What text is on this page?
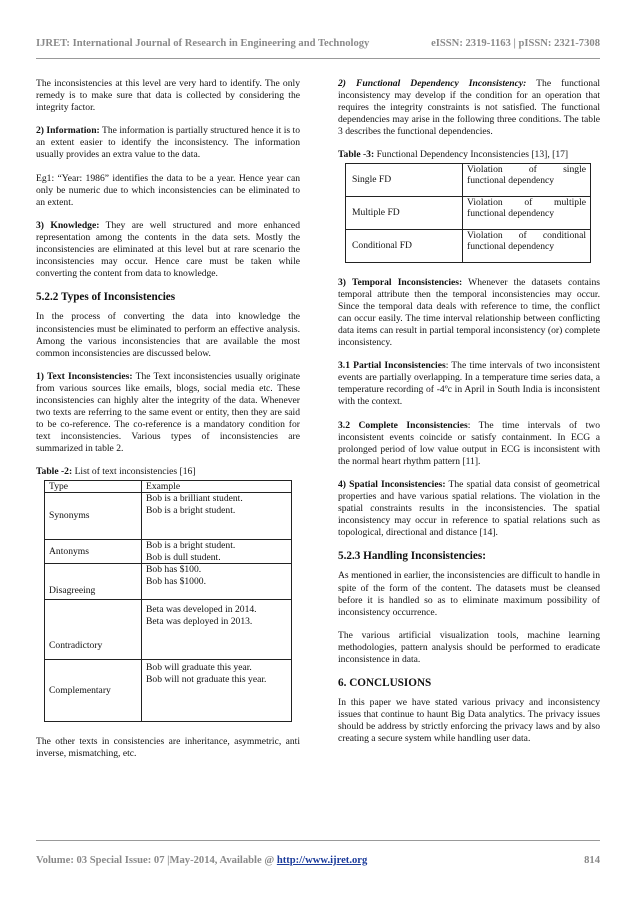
IJRET: International Journal of Research in Engineering and Technology	eISSN: 2319-1163 | pISSN: 2321-7308

The inconsistencies at this level are very hard to identify. The only remedy is to make sure that data is collected by considering the integrity factor.

2) Information: The information is partially structured hence it is to an extent easier to identify the inconsistency. The information usually provides an extra value to the data.

Eg1: “Year: 1986” identifies the data to be a year. Hence year can only be numeric due to which inconsistencies can be eliminated to an extent.

3) Knowledge: They are well structured and more enhanced representation among the contents in the data sets. Mostly the inconsistencies are eliminated at this level but at rare scenario the inconsistencies may occur. Hence care must be taken while converting the content from data to knowledge.

5.2.2 Types of Inconsistencies

In the process of converting the data into knowledge the inconsistencies must be eliminated to perform an effective analysis. Among the various inconsistencies that are available the most common inconsistencies are discussed below.

1) Text Inconsistencies: The Text inconsistencies usually originate from various sources like emails, blogs, social media etc. These inconsistencies can highly alter the integrity of the data. Whenever two texts are referring to the same event or entity, then they are said to be co-reference. The co-reference is a mandatory condition for text inconsistencies. Various types of inconsistencies are summarized in table 2.

Table -2: List of text inconsistencies [16]
Type	Example
Synonyms	Bob is a brilliant student.
Bob is a bright student.

Antonyms	Bob is a bright student.
Bob is dull student.

Disagreeing	Bob has $100.
Bob has $1000.

Contradictory	Beta was developed in 2014.
Beta was deployed in 2013.

Complementary	Bob will graduate this year.
Bob will not graduate this year.

The other texts in consistencies are inheritance, asymmetric, anti inverse, mismatching, etc.

2) Functional Dependency Inconsistency: The functional inconsistency may develop if the condition for an operation that requires the integrity constraints is not satisfied. The functional dependencies may arise in the following three conditions. The table 3 describes the functional dependencies.

Table -3: Functional Dependency Inconsistencies [13], [17]
Single FD	Violation of single
functional dependency

Multiple FD	Violation of multiple
functional dependency

Conditional FD	Violation of conditional
functional dependency

3) Temporal Inconsistencies: Whenever the datasets contains temporal attribute then the temporal inconsistencies may occur. Since the temporal data deals with reference to time, the conflict can occur easily. The time interval relationship between conflicting data items can result in partial temporal inconsistency (or) complete inconsistency.

3.1 Partial Inconsistencies: The time intervals of two inconsistent events are partially overlapping. In a temperature time series data, a temperature recording of -4ºc in April in South India is inconsistent with the context.

3.2 Complete Inconsistencies: The time intervals of two inconsistent events coincide or satisfy containment. In ECG a prolonged period of low value output in ECG is inconsistent with the normal heart rhythm pattern [11].

4) Spatial Inconsistencies: The spatial data consist of geometrical properties and have various spatial relations. The violation in the spatial constraints results in the inconsistencies. The spatial inconsistency may occur in reference to spatial relations such as topological, directional and distance [14].

5.2.3 Handling Inconsistencies:

As mentioned in earlier, the inconsistencies are difficult to handle in spite of the form of the content. The datasets must be cleansed before it is handled so as to eliminate maximum possibility of inconsistency occurrence.

The various artificial visualization tools, machine learning methodologies, pattern analysis should be performed to eradicate inconsistence in data.

6. CONCLUSIONS

In this paper we have stated various privacy and inconsistency issues that continue to haunt Big Data analytics. The privacy issues should be address by strictly enforcing the privacy laws and by also creating a secure system while handling user data.

Volume: 03 Special Issue: 07 |May-2014, Available @ http://www.ijret.org	814
